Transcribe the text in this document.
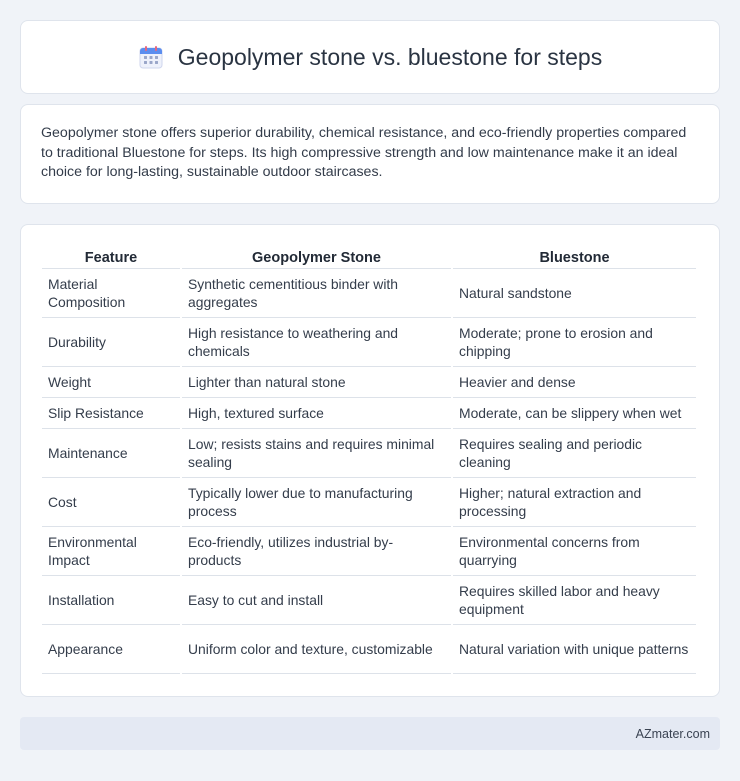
Geopolymer stone vs. bluestone for steps

Geopolymer stone offers superior durability, chemical resistance, and eco-friendly properties compared to traditional Bluestone for steps. Its high compressive strength and low maintenance make it an ideal choice for long-lasting, sustainable outdoor staircases.

Feature	Geopolymer Stone	Bluestone
Material Composition	Synthetic cementitious binder with aggregates	Natural sandstone
Durability	High resistance to weathering and chemicals	Moderate; prone to erosion and chipping
Weight	Lighter than natural stone	Heavier and dense
Slip Resistance	High, textured surface	Moderate, can be slippery when wet
Maintenance	Low; resists stains and requires minimal sealing	Requires sealing and periodic cleaning
Cost	Typically lower due to manufacturing process	Higher; natural extraction and processing
Environmental Impact	Eco-friendly, utilizes industrial by-products	Environmental concerns from quarrying
Installation	Easy to cut and install	Requires skilled labor and heavy equipment
Appearance	Uniform color and texture, customizable	Natural variation with unique patterns
AZmater.com
